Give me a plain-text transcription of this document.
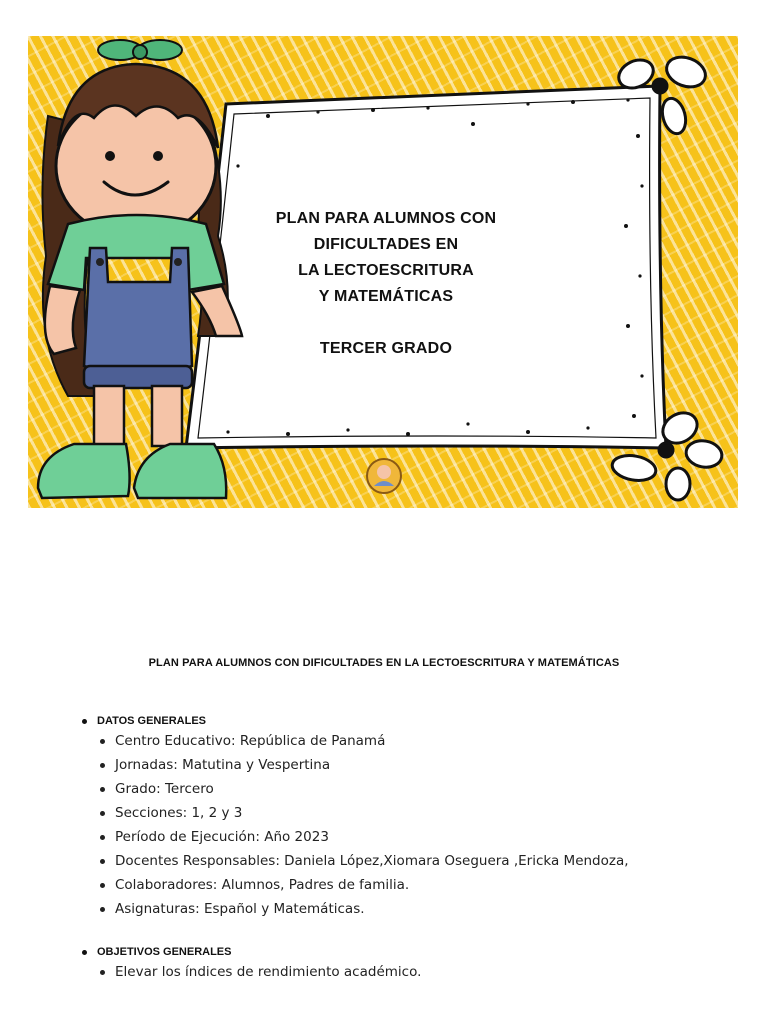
PLAN PARA ALUMNOS CON
DIFICULTADES EN
LA LECTOESCRITURA
Y MATEMÁTICAS
TERCER GRADO
PLAN PARA ALUMNOS CON DIFICULTADES EN LA LECTOESCRITURA Y MATEMÁTICAS
DATOS GENERALES
Centro Educativo: República de Panamá
Jornadas: Matutina y Vespertina
Grado: Tercero
Secciones: 1, 2 y 3
Período de Ejecución: Año 2023
Docentes Responsables: Daniela López,Xiomara Oseguera ,Ericka Mendoza,
Colaboradores: Alumnos, Padres de familia.
Asignaturas: Español y Matemáticas.
OBJETIVOS GENERALES
Elevar los índices de rendimiento académico.
